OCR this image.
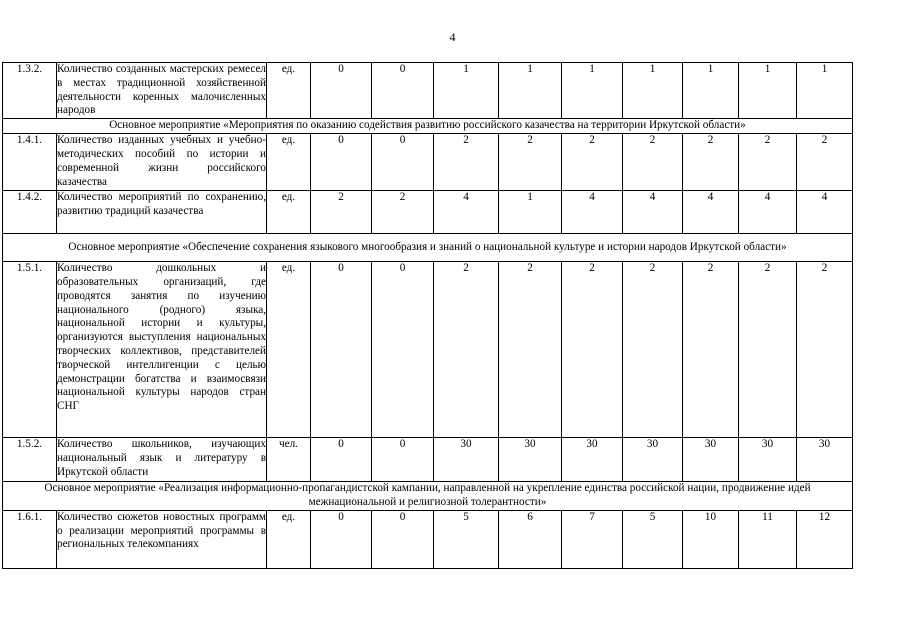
4
1.3.2.	Количество созданных мастерских ремесел в местах традиционной хозяйственной деятельности коренных малочисленных народов	ед.	0	0	1	1	1	1	1	1	1
Основное мероприятие «Мероприятия по оказанию содействия развитию российского казачества на территории Иркутской области»											
1.4.1.	Количество изданных учебных и учебно-методических пособий по истории и современной жизни российского казачества	ед.	0	0	2	2	2	2	2	2	2
1.4.2.	Количество мероприятий по сохранению, развитию традиций казачества	ед.	2	2	4	1	4	4	4	4	4
Основное мероприятие «Обеспечение сохранения языкового многообразия и знаний о национальной культуре и истории народов Иркутской области»											
1.5.1.	Количество дошкольных и образовательных организаций, где проводятся занятия по изучению национального (родного) языка, национальной истории и культуры, организуются выступления национальных творческих коллективов, представителей творческой интеллигенции с целью демонстрации богатства и взаимосвязи национальной культуры народов стран СНГ	ед.	0	0	2	2	2	2	2	2	2
1.5.2.	Количество школьников, изучающих национальный язык и литературу в Иркутской области	чел.	0	0	30	30	30	30	30	30	30
Основное мероприятие «Реализация информационно-пропагандистской кампании, направленной на укрепление единства российской нации, продвижение идей межнациональной и религиозной толерантности»											
1.6.1.	Количество сюжетов новостных программ о реализации мероприятий программы в региональных телекомпаниях	ед.	0	0	5	6	7	5	10	11	12
